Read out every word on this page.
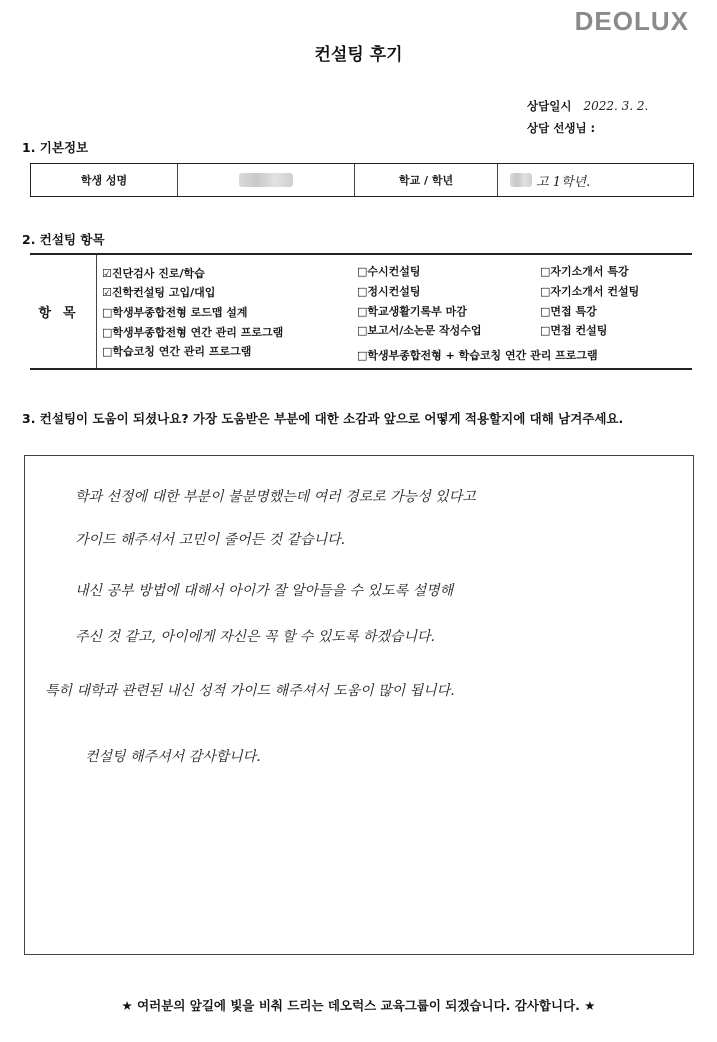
DEOLUX
컨설팅 후기
상담일시 2022. 3. 2.
상담 선생님 :
1. 기본정보
학생 성명	학교 / 학년	고 1학년.
2. 컨설팅 항목
항목
☑진단검사 진로/학습
☑진학컨설팅 고입/대입
□학생부종합전형 로드맵 설계
□학생부종합전형 연간 관리 프로그램
□학습코칭 연간 관리 프로그램
□수시컨설팅
□정시컨설팅
□학교생활기록부 마감
□보고서/소논문 작성수업
□학생부종합전형 + 학습코칭 연간 관리 프로그램
□자기소개서 특강
□자기소개서 컨설팅
□면접 특강
□면접 컨설팅
3. 컨설팅이 도움이 되셨나요? 가장 도움받은 부분에 대한 소감과 앞으로 어떻게 적용할지에 대해 남겨주세요.
학과 선정에 대한 부분이 불분명했는데 여러 경로로 가능성 있다고
가이드 해주셔서 고민이 줄어든 것 같습니다.
내신 공부 방법에 대해서 아이가 잘 알아들을 수 있도록 설명해
주신 것 같고, 아이에게 자신은 꼭 할 수 있도록 하겠습니다.
특히 대학과 관련된 내신 성적 가이드 해주셔서 도움이 많이 됩니다.
컨설팅 해주셔서 감사합니다.
★ 여러분의 앞길에 빛을 비춰 드리는 데오럭스 교육그룹이 되겠습니다. 감사합니다. ★
